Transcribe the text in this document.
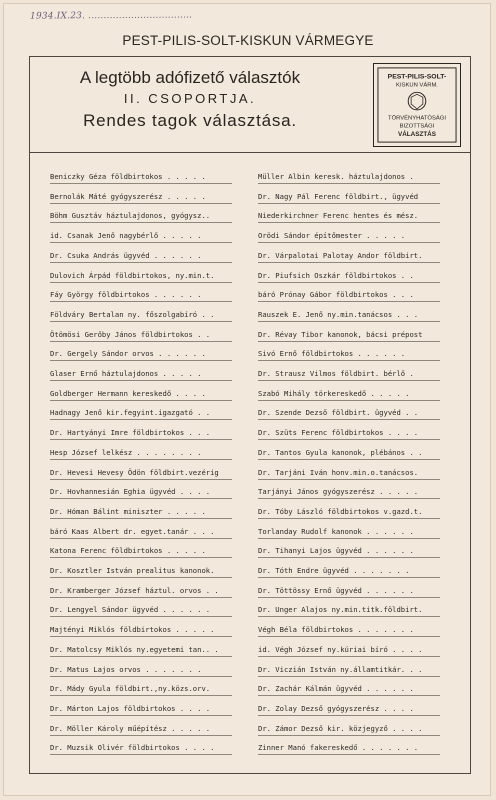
1934.IX.23. ..................................
PEST-PILIS-SOLT-KISKUN VÁRMEGYE
A legtöbb adófizető választók
II. CSOPORTJA.
Rendes tagok választása.
PEST-PILIS-SOLT-
KISKUN VÁRM.
TÖRVÉNYHATÓSÁGI
BIZOTTSÁGI
VÁLASZTÁS
Beniczky Géza földbirtokos . . . . .	Müller Albin keresk. háztulajdonos .
Bernolák Máté gyógyszerész . . . . .	Dr. Nagy Pál Ferenc földbirt., ügyvéd
Böhm Gusztáv háztulajdonos, gyógysz..	Niederkirchner Ferenc hentes és mész.
id. Csanak Jenő nagybérlő . . . . .	Orödi Sándor építőmester . . . . .
Dr. Csuka András ügyvéd . . . . . .	Dr. Várpalotai Palotay Andor földbirt.
Dulovich Árpád földbirtokos, ny.min.t.	Dr. Piufsich Oszkár földbirtokos . .
Fáy György földbirtokos . . . . . .	báró Prónay Gábor földbirtokos . . .
Földváry Bertalan ny. főszolgabíró . .	Rauszek E. Jenő ny.min.tanácsos . . .
Ötömösi Gerőby János földbirtokos . .	Dr. Révay Tibor kanonok, bácsi prépost
Dr. Gergely Sándor orvos . . . . . .	Sivó Ernő földbirtokos . . . . . .
Glaser Ernő háztulajdonos . . . . .	Dr. Strausz Vilmos földbirt. bérlő .
Goldberger Hermann kereskedő . . . .	Szabó Mihály törkereskedő . . . . .
Hadnagy Jenő kir.fegyint.igazgató . .	Dr. Szende Dezső földbirt. ügyvéd . .
Dr. Hartyányi Imre földbirtokos . . .	Dr. Szüts Ferenc földbirtokos . . . .
Hesp József lelkész . . . . . . . .	Dr. Tantos Gyula kanonok, plébános . .
Dr. Hevesi Hevesy Ödön földbirt.vezérig	Dr. Tarjáni Iván honv.min.o.tanácsos.
Dr. Hovhannesián Eghia ügyvéd . . . .	Tarjányi János gyógyszerész . . . . .
Dr. Hóman Bálint miniszter . . . . .	Dr. Tóby László földbirtokos v.gazd.t.
báró Kaas Albert dr. egyet.tanár . . .	Torlanday Rudolf kanonok . . . . . .
Katona Ferenc földbirtokos . . . . .	Dr. Tihanyi Lajos ügyvéd . . . . . .
Dr. Kosztler István prealitus kanonok.	Dr. Tóth Endre ügyvéd . . . . . . .
Dr. Kramberger József háztul. orvos . .	Dr. Töttössy Ernő ügyvéd . . . . . .
Dr. Lengyel Sándor ügyvéd . . . . . .	Dr. Unger Alajos ny.min.titk.földbirt.
Majtényi Miklós földbirtokos . . . . .	Végh Béla földbirtokos . . . . . . .
Dr. Matolcsy Miklós ny.egyetemi tan.. .	id. Végh József ny.kúriai bíró . . . .
Dr. Matus Lajos orvos . . . . . . .	Dr. Viczián István ny.államtitkár. . .
Dr. Mády Gyula földbirt.,ny.közs.orv.	Dr. Zachár Kálmán ügyvéd . . . . . .
Dr. Márton Lajos földbirtokos . . . .	Dr. Zolay Dezső gyógyszerész . . . .
Dr. Möller Károly műépítész . . . . .	Dr. Zámor Dezső kir. közjegyző . . . .
Dr. Muzsik Olivér földbirtokos . . . .	Zinner Manó fakereskedő . . . . . . .
